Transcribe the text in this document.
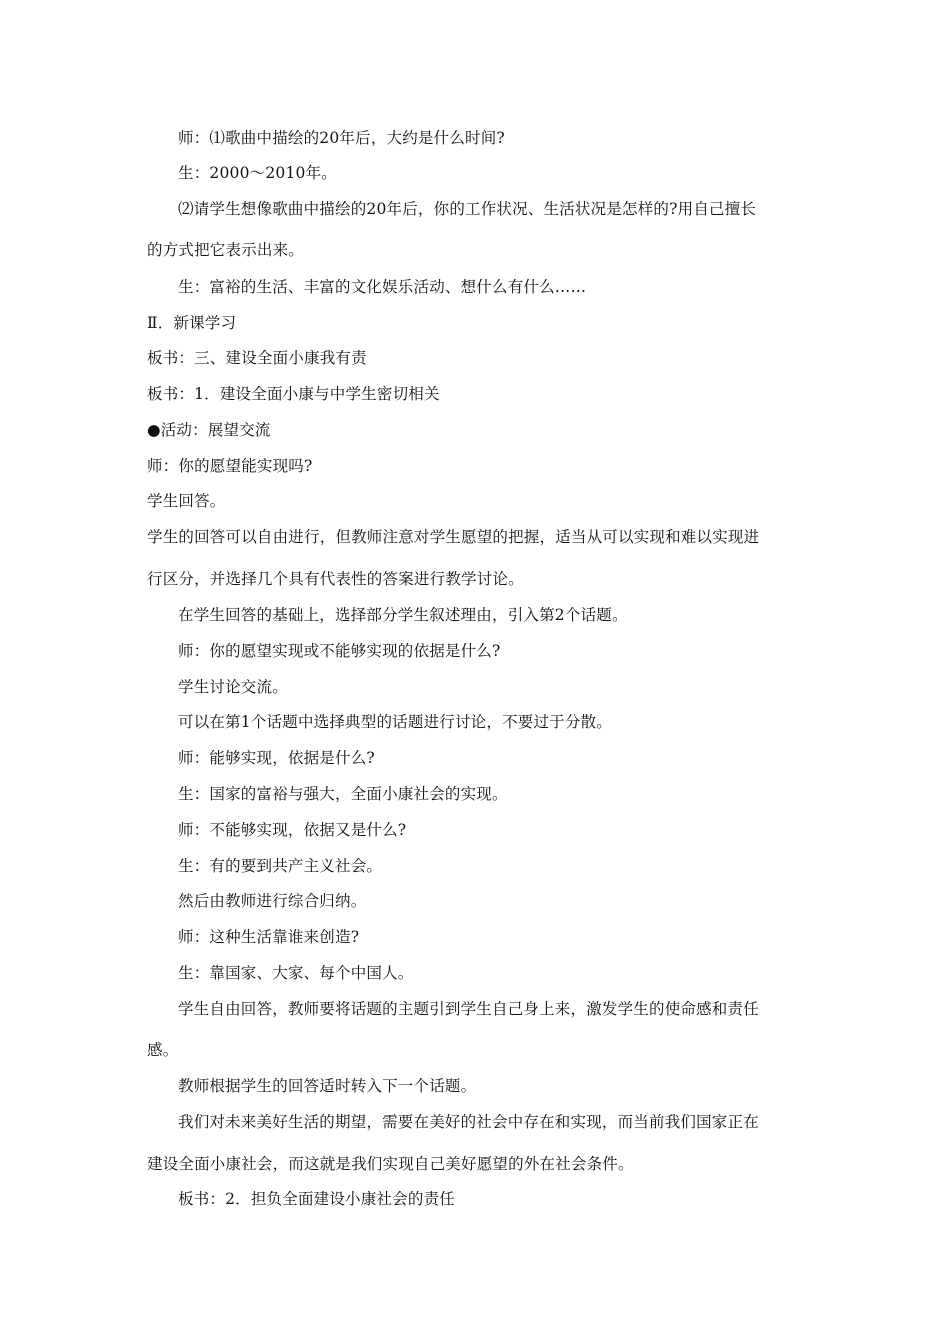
师：⑴歌曲中描绘的20年后，大约是什么时间?
生：2000～2010年。
⑵请学生想像歌曲中描绘的20年后，你的工作状况、生活状况是怎样的?用自己擅长
的方式把它表示出来。
生：富裕的生活、丰富的文化娱乐活动、想什么有什么……
Ⅱ．新课学习
板书：三、建设全面小康我有责
板书：1．建设全面小康与中学生密切相关
●活动：展望交流
师：你的愿望能实现吗?
学生回答。
学生的回答可以自由进行，但教师注意对学生愿望的把握，适当从可以实现和难以实现进
行区分，并选择几个具有代表性的答案进行教学讨论。
在学生回答的基础上，选择部分学生叙述理由，引入第2个话题。
师：你的愿望实现或不能够实现的依据是什么?
学生讨论交流。
可以在第1个话题中选择典型的话题进行讨论，不要过于分散。
师：能够实现，依据是什么?
生：国家的富裕与强大，全面小康社会的实现。
师：不能够实现，依据又是什么?
生：有的要到共产主义社会。
然后由教师进行综合归纳。
师：这种生活靠谁来创造?
生：靠国家、大家、每个中国人。
学生自由回答，教师要将话题的主题引到学生自己身上来，激发学生的使命感和责任
感。
教师根据学生的回答适时转入下一个话题。
我们对未来美好生活的期望，需要在美好的社会中存在和实现，而当前我们国家正在
建设全面小康社会，而这就是我们实现自己美好愿望的外在社会条件。
板书：2．担负全面建设小康社会的责任
